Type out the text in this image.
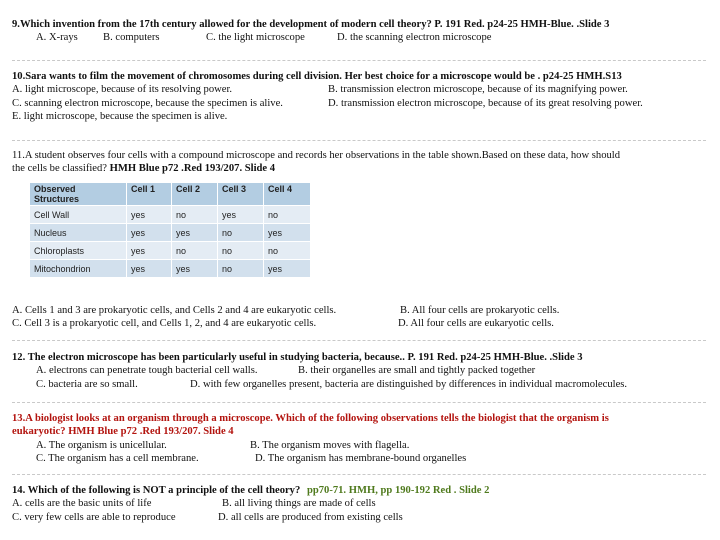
9.Which invention from the 17th century allowed for the development of modern cell theory? P. 191 Red. p24-25 HMH-Blue. .Slide 3
A. X-rays	B. computers	C. the light microscope	D. the scanning electron microscope
10.Sara wants to film the movement of chromosomes during cell division. Her best choice for a microscope would be . p24-25 HMH.S13
A. light microscope, because of its resolving power.	B. transmission electron microscope, because of its magnifying power.
C. scanning electron microscope, because the specimen is alive.	D. transmission electron microscope, because of its great resolving power.
E. light microscope, because the specimen is alive.
11.A student observes four cells with a compound microscope and records her observations in the table shown.Based on these data, how should
the cells be classified? HMH Blue p72 .Red 193/207. Slide 4
Observed Structures	Cell 1	Cell 2	Cell 3	Cell 4
Cell Wall	yes	no	yes	no
Nucleus	yes	yes	no	yes
Chloroplasts	yes	no	no	no
Mitochondrion	yes	yes	no	yes
A. Cells 1 and 3 are prokaryotic cells, and Cells 2 and 4 are eukaryotic cells.	B. All four cells are prokaryotic cells.
C. Cell 3 is a prokaryotic cell, and Cells 1, 2, and 4 are eukaryotic cells.	D. All four cells are eukaryotic cells.
12. The electron microscope has been particularly useful in studying bacteria, because.. P. 191 Red. p24-25 HMH-Blue. .Slide 3
A. electrons can penetrate tough bacterial cell walls.	B. their organelles are small and tightly packed together
C. bacteria are so small.	D. with few organelles present, bacteria are distinguished by differences in individual macromolecules.
13.A biologist looks at an organism through a microscope. Which of the following observations tells the biologist that the organism is
eukaryotic? HMH Blue p72 .Red 193/207. Slide 4
A. The organism is unicellular.	B. The organism moves with flagella.
C. The organism has a cell membrane.	D. The organism has membrane-bound organelles
14. Which of the following is NOT a principle of the cell theory? pp70-71. HMH, pp 190-192 Red . Slide 2
A. cells are the basic units of life	B. all living things are made of cells
C. very few cells are able to reproduce	D. all cells are produced from existing cells
